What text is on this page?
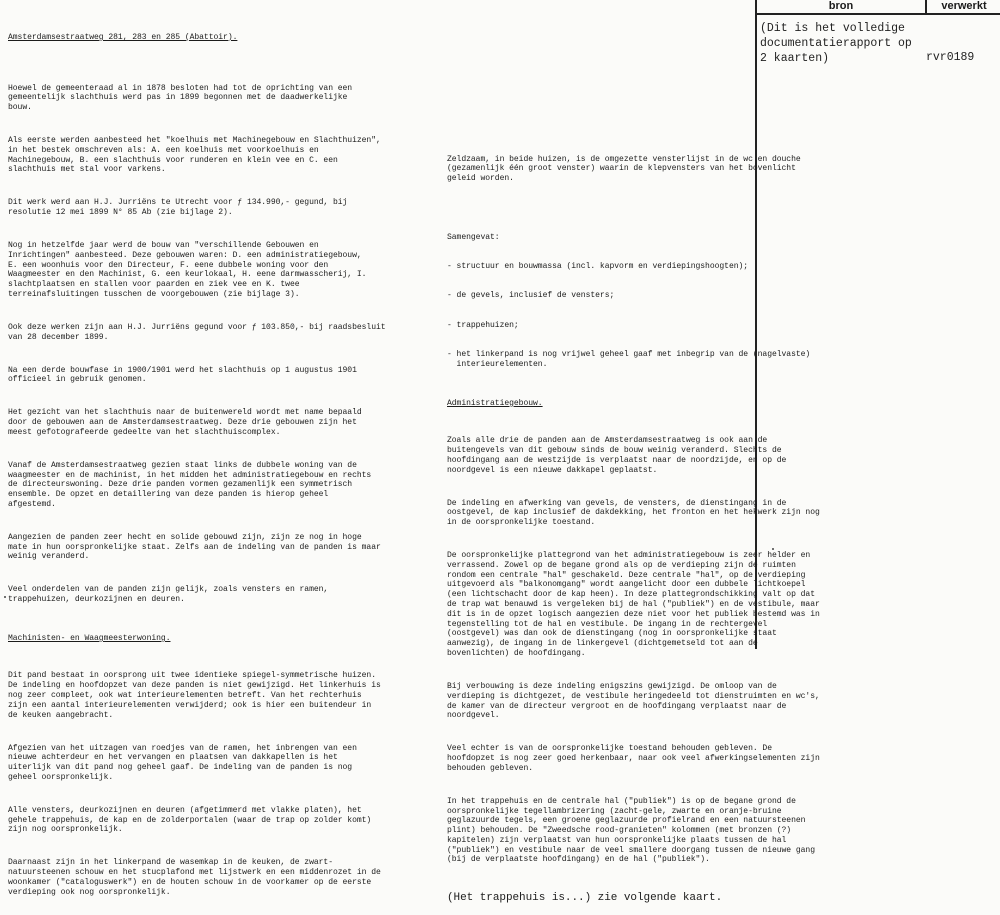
bron	verwerkt
(Dit is het volledige
documentatierapport op
2 kaarten)	rvr0189
Amsterdamsestraatweg 281, 283 en 285 (Abattoir).

Hoewel de gemeenteraad al in 1878 besloten had tot de oprichting van een
gemeentelijk slachthuis werd pas in 1899 begonnen met de daadwerkelijke
bouw.

Als eerste werden aanbesteed het "koelhuis met Machinegebouw en Slachthuizen",
in het bestek omschreven als: A. een koelhuis met voorkoelhuis en
Machinegebouw, B. een slachthuis voor runderen en klein vee en C. een
slachthuis met stal voor varkens.

Dit werk werd aan H.J. Jurriëns te Utrecht voor ƒ 134.990,- gegund, bij
resolutie 12 mei 1899 N° 85 Ab (zie bijlage 2).

Nog in hetzelfde jaar werd de bouw van "verschillende Gebouwen en
Inrichtingen" aanbesteed. Deze gebouwen waren: D. een administratiegebouw,
E. een woonhuis voor den Directeur, F. eene dubbele woning voor den
Waagmeester en den Machinist, G. een keurlokaal, H. eene darmwasscherij, I.
slachtplaatsen en stallen voor paarden en ziek vee en K. twee
terreinafsluitingen tusschen de voorgebouwen (zie bijlage 3).

Ook deze werken zijn aan H.J. Jurriëns gegund voor ƒ 103.850,- bij raadsbesluit
van 28 december 1899.

Na een derde bouwfase in 1900/1901 werd het slachthuis op 1 augustus 1901
officieel in gebruik genomen.

Het gezicht van het slachthuis naar de buitenwereld wordt met name bepaald
door de gebouwen aan de Amsterdamsestraatweg. Deze drie gebouwen zijn het
meest gefotografeerde gedeelte van het slachthuiscomplex.

Vanaf de Amsterdamsestraatweg gezien staat links de dubbele woning van de
waagmeester en de machinist, in het midden het administratiegebouw en rechts
de directeurswoning. Deze drie panden vormen gezamenlijk een symmetrisch
ensemble. De opzet en detaillering van deze panden is hierop geheel
afgestemd.

Aangezien de panden zeer hecht en solide gebouwd zijn, zijn ze nog in hoge
mate in hun oorspronkelijke staat. Zelfs aan de indeling van de panden is maar
weinig veranderd.

Veel onderdelen van de panden zijn gelijk, zoals vensters en ramen,
trappehuizen, deurkozijnen en deuren.

Machinisten- en Waagmeesterwoning.

Dit pand bestaat in oorsprong uit twee identieke spiegel-symmetrische huizen.
De indeling en hoofdopzet van deze panden is niet gewijzigd. Het linkerhuis is
nog zeer compleet, ook wat interieurelementen betreft. Van het rechterhuis
zijn een aantal interieurelementen verwijderd; ook is hier een buitendeur in
de keuken aangebracht.

Afgezien van het uitzagen van roedjes van de ramen, het inbrengen van een
nieuwe achterdeur en het vervangen en plaatsen van dakkapellen is het
uiterlijk van dit pand nog geheel gaaf. De indeling van de panden is nog
geheel oorspronkelijk.

Alle vensters, deurkozijnen en deuren (afgetimmerd met vlakke platen), het
gehele trappehuis, de kap en de zolderportalen (waar de trap op zolder komt)
zijn nog oorspronkelijk.

Daarnaast zijn in het linkerpand de wasemkap in de keuken, de zwart-
natuursteenen schouw en het stucplafond met lijstwerk en een middenrozet in de
woonkamer ("cataloguswerk") en de houten schouw in de voorkamer op de eerste
verdieping ook nog oorspronkelijk.

Zeldzaam, in beide huizen, is de omgezette vensterlijst in de wc en douche
(gezamenlijk één groot venster) waarin de klepvensters van het bovenlicht
geleid worden.

Samengevat:

- structuur en bouwmassa (incl. kapvorm en verdiepingshoogten);

- de gevels, inclusief de vensters;

- trappehuizen;

- het linkerpand is nog vrijwel geheel gaaf met inbegrip van de (nagelvaste)
interieurelementen.

Administratiegebouw.

Zoals alle drie de panden aan de Amsterdamsestraatweg is ook aan de
buitengevels van dit gebouw sinds de bouw weinig veranderd. Slechts de
hoofdingang aan de westzijde is verplaatst naar de noordzijde, en op de
noordgevel is een nieuwe dakkapel geplaatst.

De indeling en afwerking van gevels, de vensters, de dienstingang in de
oostgevel, de kap inclusief de dakdekking, het fronton en het hekwerk zijn nog
in de oorspronkelijke toestand.

De oorspronkelijke plattegrond van het administratiegebouw is zeer helder en
verrassend. Zowel op de begane grond als op de verdieping zijn de ruimten
rondom een centrale "hal" geschakeld. Deze centrale "hal", op de verdieping
uitgevoerd als "balkonomgang" wordt aangelicht door een dubbele lichtkoepel
(een lichtschacht door de kap heen). In deze plattegrondschikking valt op dat
de trap wat benauwd is vergeleken bij de hal ("publiek") en de vestibule, maar
dit is in de opzet logisch aangezien deze niet voor het publiek bestemd was in
tegenstelling tot de hal en vestibule. De ingang in de rechtergevel
(oostgevel) was dan ook de dienstingang (nog in oorspronkelijke staat
aanwezig), de ingang in de linkergevel (dichtgemetseld tot aan de
bovenlichten) de hoofdingang.

Bij verbouwing is deze indeling enigszins gewijzigd. De omloop van de
verdieping is dichtgezet, de vestibule heringedeeld tot dienstruimten en wc's,
de kamer van de directeur vergroot en de hoofdingang verplaatst naar de
noordgevel.

Veel echter is van de oorspronkelijke toestand behouden gebleven. De
hoofdopzet is nog zeer goed herkenbaar, naar ook veel afwerkingselementen zijn
behouden gebleven.

In het trappehuis en de centrale hal ("publiek") is op de begane grond de
oorspronkelijke tegellambrizering (zacht-gele, zwarte en oranje-bruine
geglazuurde tegels, een groene geglazuurde profielrand en een natuursteenen
plint) behouden. De "Zweedsche rood-granieten" kolommen (met bronzen (?)
kapitelen) zijn verplaatst van hun oorspronkelijke plaats tussen de hal
("publiek") en vestibule naar de veel smallere doorgang tussen de nieuwe gang
(bij de verplaatste hoofdingang) en de hal ("publiek").

(Het trappehuis is...) zie volgende kaart.
